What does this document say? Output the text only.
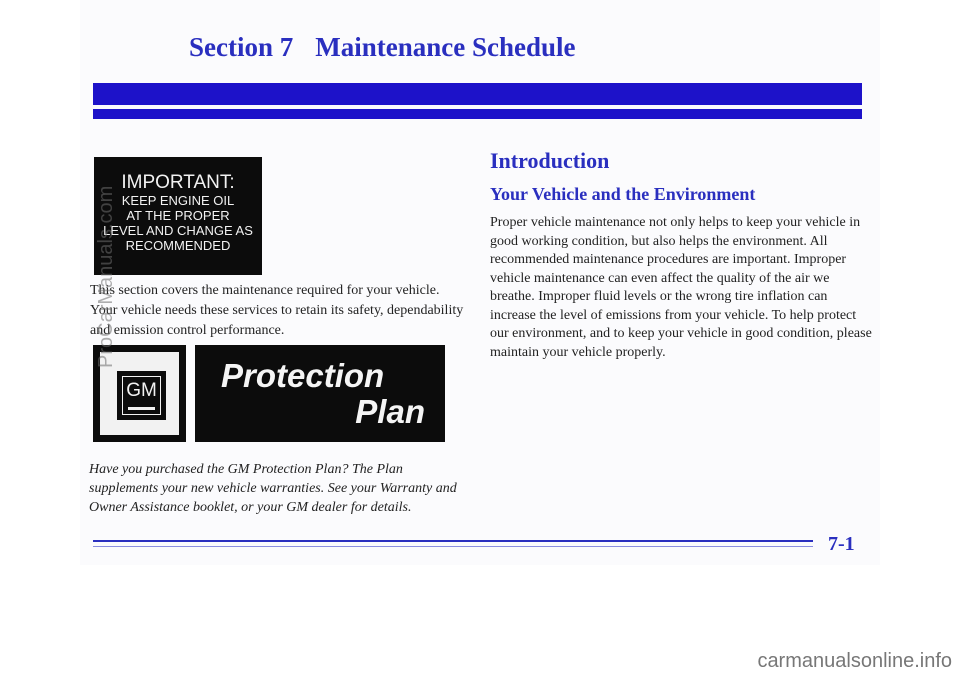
Section 7 Maintenance Schedule
IMPORTANT:
KEEP ENGINE OIL
AT THE PROPER
LEVEL AND CHANGE AS
RECOMMENDED
This section covers the maintenance required for your vehicle. Your vehicle needs these services to retain its safety, dependability and emission control performance.
GM Protection
Plan
Have you purchased the GM Protection Plan? The Plan supplements your new vehicle warranties. See your Warranty and Owner Assistance booklet, or your GM dealer for details.
Introduction
Your Vehicle and the Environment
Proper vehicle maintenance not only helps to keep your vehicle in good working condition, but also helps the environment. All recommended maintenance procedures are important. Improper vehicle maintenance can even affect the quality of the air we breathe. Improper fluid levels or the wrong tire inflation can increase the level of emissions from your vehicle. To help protect our environment, and to keep your vehicle in good condition, please maintain your vehicle properly.
7-1
ProCarManuals.com
carmanualsonline.info
